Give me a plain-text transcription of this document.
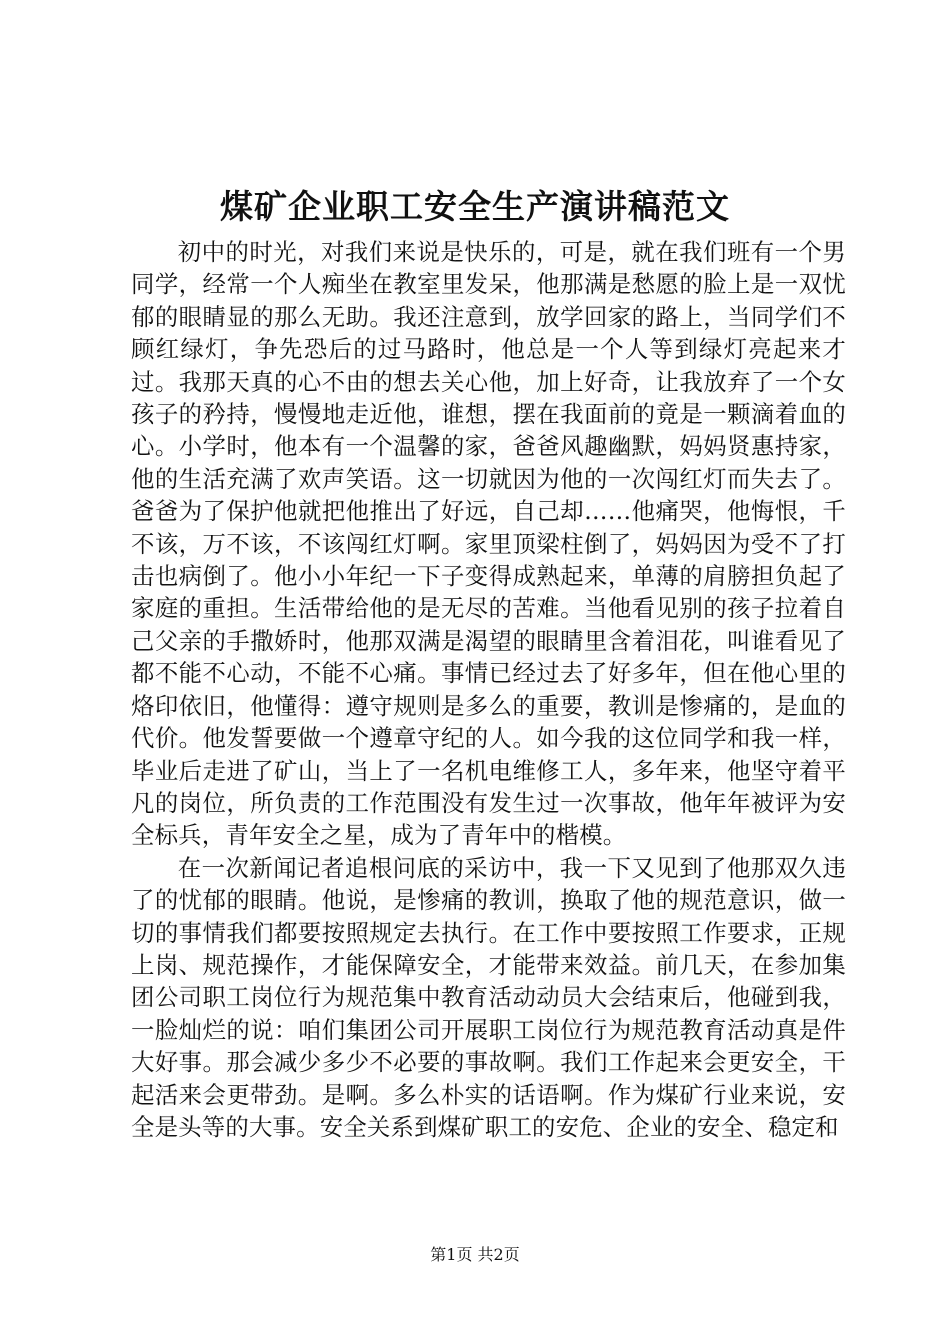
煤矿企业职工安全生产演讲稿范文

初中的时光，对我们来说是快乐的，可是，就在我们班有一个男同学，经常一个人痴坐在教室里发呆，他那满是愁愿的脸上是一双忧郁的眼睛显的那么无助。我还注意到，放学回家的路上，当同学们不顾红绿灯，争先恐后的过马路时，他总是一个人等到绿灯亮起来才过。我那天真的心不由的想去关心他，加上好奇，让我放弃了一个女孩子的矜持，慢慢地走近他，谁想，摆在我面前的竟是一颗滴着血的心。小学时，他本有一个温馨的家，爸爸风趣幽默，妈妈贤惠持家，他的生活充满了欢声笑语。这一切就因为他的一次闯红灯而失去了。爸爸为了保护他就把他推出了好远，自己却……他痛哭，他悔恨，千不该，万不该，不该闯红灯啊。家里顶梁柱倒了，妈妈因为受不了打击也病倒了。他小小年纪一下子变得成熟起来，单薄的肩膀担负起了家庭的重担。生活带给他的是无尽的苦难。当他看见别的孩子拉着自己父亲的手撒娇时，他那双满是渴望的眼睛里含着泪花，叫谁看见了都不能不心动，不能不心痛。事情已经过去了好多年，但在他心里的烙印依旧，他懂得：遵守规则是多么的重要，教训是惨痛的，是血的代价。他发誓要做一个遵章守纪的人。如今我的这位同学和我一样，毕业后走进了矿山，当上了一名机电维修工人，多年来，他坚守着平凡的岗位，所负责的工作范围没有发生过一次事故，他年年被评为安全标兵，青年安全之星，成为了青年中的楷模。

在一次新闻记者追根问底的采访中，我一下又见到了他那双久违了的忧郁的眼睛。他说，是惨痛的教训，换取了他的规范意识，做一切的事情我们都要按照规定去执行。在工作中要按照工作要求，正规上岗、规范操作，才能保障安全，才能带来效益。前几天，在参加集团公司职工岗位行为规范集中教育活动动员大会结束后，他碰到我，一脸灿烂的说：咱们集团公司开展职工岗位行为规范教育活动真是件大好事。那会减少多少不必要的事故啊。我们工作起来会更安全，干起活来会更带劲。是啊。多么朴实的话语啊。作为煤矿行业来说，安全是头等的大事。安全关系到煤矿职工的安危、企业的安全、稳定和

第1页 共2页
